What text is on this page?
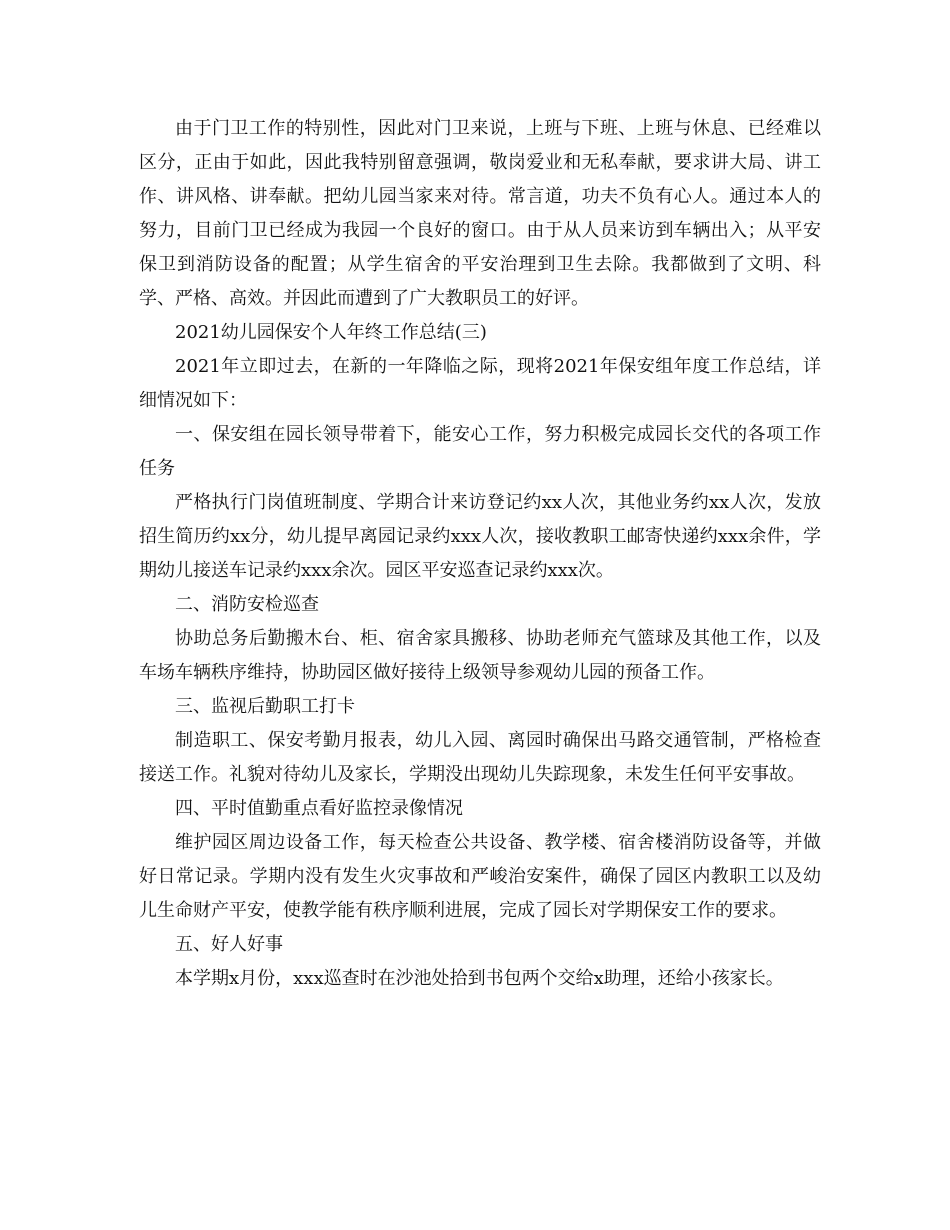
由于门卫工作的特别性，因此对门卫来说，上班与下班、上班与休息、已经难以区分，正由于如此，因此我特别留意强调，敬岗爱业和无私奉献，要求讲大局、讲工作、讲风格、讲奉献。把幼儿园当家来对待。常言道，功夫不负有心人。通过本人的努力，目前门卫已经成为我园一个良好的窗口。由于从人员来访到车辆出入；从平安保卫到消防设备的配置；从学生宿舍的平安治理到卫生去除。我都做到了文明、科学、严格、高效。并因此而遭到了广大教职员工的好评。

2021幼儿园保安个人年终工作总结(三)

2021年立即过去，在新的一年降临之际，现将2021年保安组年度工作总结，详细情况如下：

一、保安组在园长领导带着下，能安心工作，努力积极完成园长交代的各项工作任务

严格执行门岗值班制度、学期合计来访登记约xx人次，其他业务约xx人次，发放招生简历约xx分，幼儿提早离园记录约xxx人次，接收教职工邮寄快递约xxx余件，学期幼儿接送车记录约xxx余次。园区平安巡查记录约xxx次。

二、消防安检巡查

协助总务后勤搬木台、柜、宿舍家具搬移、协助老师充气篮球及其他工作，以及车场车辆秩序维持，协助园区做好接待上级领导参观幼儿园的预备工作。

三、监视后勤职工打卡

制造职工、保安考勤月报表，幼儿入园、离园时确保出马路交通管制，严格检查接送工作。礼貌对待幼儿及家长，学期没出现幼儿失踪现象，未发生任何平安事故。

四、平时值勤重点看好监控录像情况

维护园区周边设备工作，每天检查公共设备、教学楼、宿舍楼消防设备等，并做好日常记录。学期内没有发生火灾事故和严峻治安案件，确保了园区内教职工以及幼儿生命财产平安，使教学能有秩序顺利进展，完成了园长对学期保安工作的要求。

五、好人好事

本学期x月份，xxx巡查时在沙池处拾到书包两个交给x助理，还给小孩家长。
